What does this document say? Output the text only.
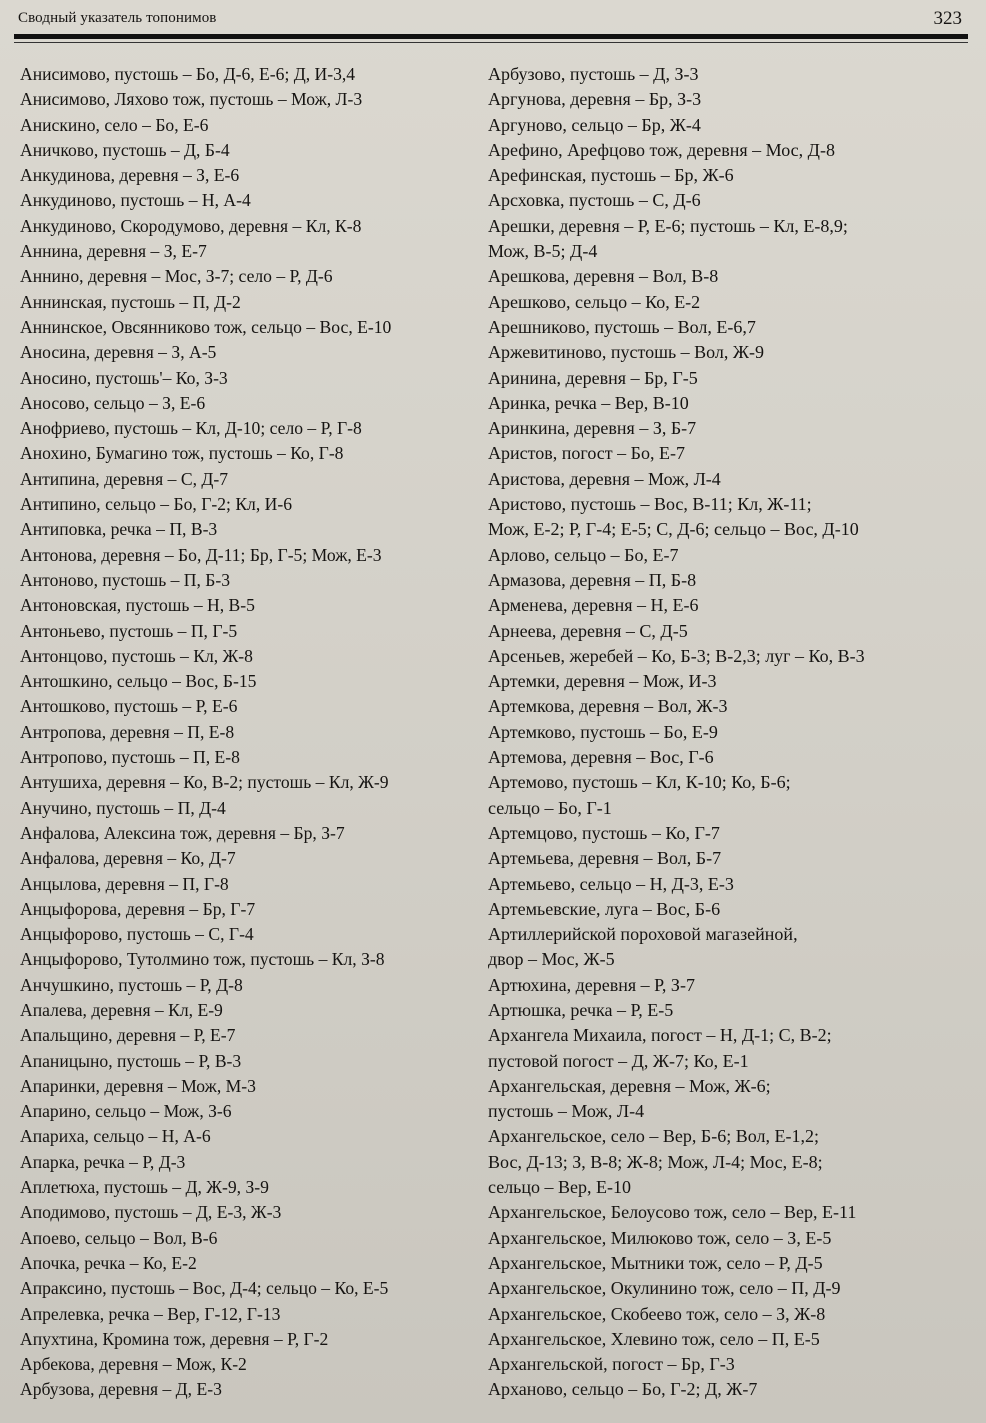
Сводный указатель топонимов	323
Анисимово, пустошь – Бо, Д-6, Е-6; Д, И-3,4
Анисимово, Ляхово тож, пустошь – Мож, Л-3
Анискино, село – Бо, Е-6
Аничково, пустошь – Д, Б-4
Анкудинова, деревня – З, Е-6
Анкудиново, пустошь – Н, А-4
Анкудиново, Скородумово, деревня – Кл, К-8
Аннина, деревня – З, Е-7
Аннино, деревня – Мос, З-7; село – Р, Д-6
Аннинская, пустошь – П, Д-2
Аннинское, Овсянниково тож, сельцо – Вос, Е-10
Аносина, деревня – З, А-5
Аносино, пустошь'– Ко, З-3
Аносово, сельцо – З, Е-6
Анофриево, пустошь – Кл, Д-10; село – Р, Г-8
Анохино, Бумагино тож, пустошь – Ко, Г-8
Антипина, деревня – С, Д-7
Антипино, сельцо – Бо, Г-2; Кл, И-6
Антиповка, речка – П, В-3
Антонова, деревня – Бо, Д-11; Бр, Г-5; Мож, Е-3
Антоново, пустошь – П, Б-3
Антоновская, пустошь – Н, В-5
Антоньево, пустошь – П, Г-5
Антонцово, пустошь – Кл, Ж-8
Антошкино, сельцо – Вос, Б-15
Антошково, пустошь – Р, Е-6
Антропова, деревня – П, Е-8
Антропово, пустошь – П, Е-8
Антушиха, деревня – Ко, В-2; пустошь – Кл, Ж-9
Анучино, пустошь – П, Д-4
Анфалова, Алексина тож, деревня – Бр, З-7
Анфалова, деревня – Ко, Д-7
Анцылова, деревня – П, Г-8
Анцыфорова, деревня – Бр, Г-7
Анцыфорово, пустошь – С, Г-4
Анцыфорово, Тутолмино тож, пустошь – Кл, З-8
Анчушкино, пустошь – Р, Д-8
Апалева, деревня – Кл, Е-9
Апальщино, деревня – Р, Е-7
Апаницыно, пустошь – Р, В-3
Апаринки, деревня – Мож, М-3
Апарино, сельцо – Мож, З-6
Апариха, сельцо – Н, А-6
Апарка, речка – Р, Д-3
Аплетюха, пустошь – Д, Ж-9, З-9
Аподимово, пустошь – Д, Е-3, Ж-3
Апоево, сельцо – Вол, В-6
Апочка, речка – Ко, Е-2
Апраксино, пустошь – Вос, Д-4; сельцо – Ко, Е-5
Апрелевка, речка – Вер, Г-12, Г-13
Апухтина, Кромина тож, деревня – Р, Г-2
Арбекова, деревня – Мож, К-2
Арбузова, деревня – Д, Е-3
Арбузово, пустошь – Д, З-3
Аргунова, деревня – Бр, З-3
Аргуново, сельцо – Бр, Ж-4
Арефино, Арефцово тож, деревня – Мос, Д-8
Арефинская, пустошь – Бр, Ж-6
Арсховка, пустошь – С, Д-6
Арешки, деревня – Р, Е-6; пустошь – Кл, Е-8,9;
Мож, В-5; Д-4
Арешкова, деревня – Вол, В-8
Арешково, сельцо – Ко, Е-2
Арешниково, пустошь – Вол, Е-6,7
Аржевитиново, пустошь – Вол, Ж-9
Аринина, деревня – Бр, Г-5
Аринка, речка – Вер, В-10
Аринкина, деревня – З, Б-7
Аристов, погост – Бо, Е-7
Аристова, деревня – Мож, Л-4
Аристово, пустошь – Вос, В-11; Кл, Ж-11;
Мож, Е-2; Р, Г-4; Е-5; С, Д-6; сельцо – Вос, Д-10
Арлово, сельцо – Бо, Е-7
Армазова, деревня – П, Б-8
Арменева, деревня – Н, Е-6
Арнеева, деревня – С, Д-5
Арсеньев, жеребей – Ко, Б-3; В-2,3; луг – Ко, В-3
Артемки, деревня – Мож, И-3
Артемкова, деревня – Вол, Ж-3
Артемково, пустошь – Бо, Е-9
Артемова, деревня – Вос, Г-6
Артемово, пустошь – Кл, К-10; Ко, Б-6;
сельцо – Бо, Г-1
Артемцово, пустошь – Ко, Г-7
Артемьева, деревня – Вол, Б-7
Артемьево, сельцо – Н, Д-3, Е-3
Артемьевские, луга – Вос, Б-6
Артиллерийской пороховой магазейной,
двор – Мос, Ж-5
Артюхина, деревня – Р, З-7
Артюшка, речка – Р, Е-5
Архангела Михаила, погост – Н, Д-1; С, В-2;
пустовой погост – Д, Ж-7; Ко, Е-1
Архангельская, деревня – Мож, Ж-6;
пустошь – Мож, Л-4
Архангельское, село – Вер, Б-6; Вол, Е-1,2;
Вос, Д-13; З, В-8; Ж-8; Мож, Л-4; Мос, Е-8;
сельцо – Вер, Е-10
Архангельское, Белоусово тож, село – Вер, Е-11
Архангельское, Милюково тож, село – З, Е-5
Архангельское, Мытники тож, село – Р, Д-5
Архангельское, Окулинино тож, село – П, Д-9
Архангельское, Скобеево тож, село – З, Ж-8
Архангельское, Хлевино тож, село – П, Е-5
Архангельской, погост – Бр, Г-3
Арханово, сельцо – Бо, Г-2; Д, Ж-7
